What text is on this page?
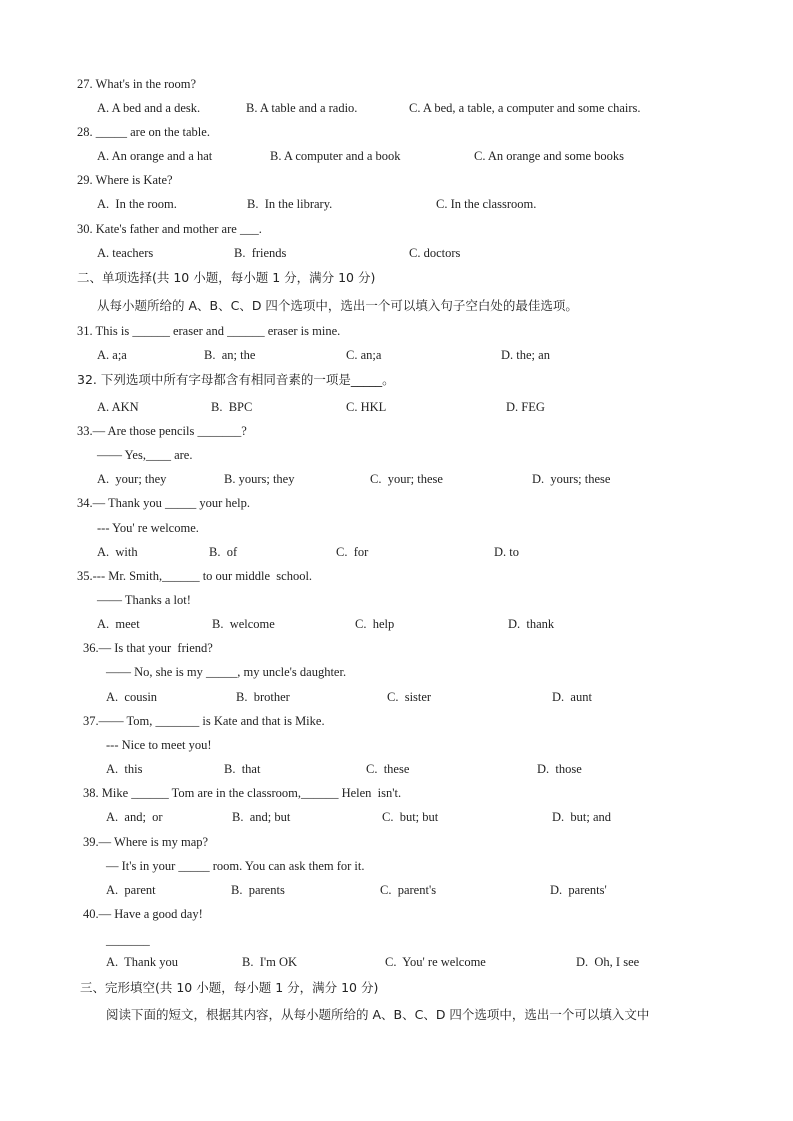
27. What's in the room?
A. A bed and a desk.	B. A table and a radio.	C. A bed, a table, a computer and some chairs.
28. _____ are on the table.
A. An orange and a hat	B. A computer and a book	C. An orange and some books
29. Where is Kate?
A.  In the room.	B.  In the library.	C. In the classroom.
30. Kate's father and mother are ___.
A. teachers	B.  friends	C. doctors
二、单项选择(共 10 小题，每小题 1 分，满分 10 分)
从每小题所给的 A、B、C、D 四个选项中，选出一个可以填入句子空白处的最佳选项。
31. This is ______ eraser and ______ eraser is mine.
A. a;a	B.  an; the	C. an;a	D. the; an
32. 下列选项中所有字母都含有相同音素的一项是_____。
A. AKN	B.  BPC	C. HKL	D. FEG
33.— Are those pencils _______?
—— Yes,____ are.
A.  your; they	B. yours; they	C.  your; these	D.  yours; these
34.— Thank you _____ your help.
--- You' re welcome.
A.  with	B.  of	C.  for	D. to
35.--- Mr. Smith,______ to our middle  school.
—— Thanks a lot!
A.  meet	B.  welcome	C.  help	D.  thank
36.— Is that your  friend?
—— No, she is my _____, my uncle's daughter.
A.  cousin	B.  brother	C.  sister	D.  aunt
37.—— Tom, _______ is Kate and that is Mike.
--- Nice to meet you!
A.  this	B.  that	C.  these	D.  those
38. Mike ______ Tom are in the classroom,______ Helen  isn't.
A.  and;  or	B.  and; but	C.  but; but	D.  but; and
39.— Where is my map?
— It's in your _____ room. You can ask them for it.
A.  parent	B.  parents	C.  parent's	D.  parents'
40.— Have a good day!
_______
A.  Thank you	B.  I'm OK	C.  You' re welcome	D.  Oh, I see
三、完形填空(共 10 小题，每小题 1 分，满分 10 分)
阅读下面的短文，根据其内容，从每小题所给的 A、B、C、D 四个选项中，选出一个可以填入文中
